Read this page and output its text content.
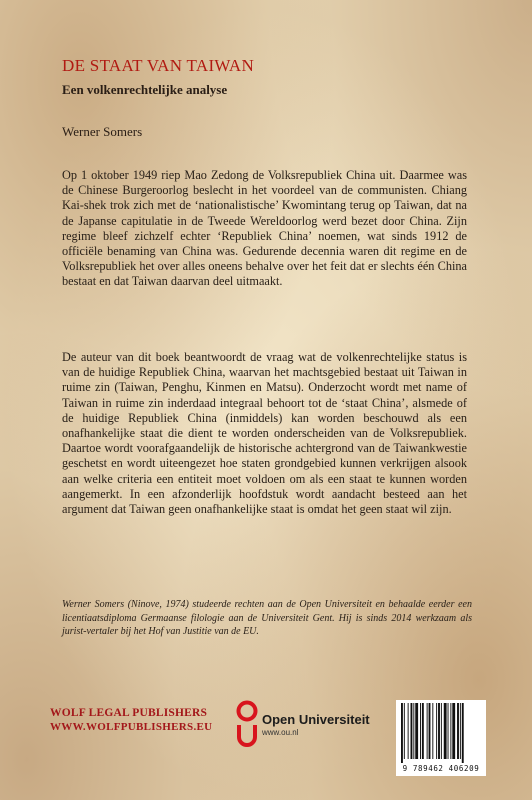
DE STAAT VAN TAIWAN
Een volkenrechtelijke analyse
Werner Somers

Op 1 oktober 1949 riep Mao Zedong de Volksrepubliek China uit. Daarmee was de Chinese Burgeroorlog beslecht in het voordeel van de communisten. Chiang Kai-shek trok zich met de ‘nationalistische’ Kwomintang terug op Taiwan, dat na de Japanse capitulatie in de Tweede Wereldoorlog werd bezet door China. Zijn regime bleef zichzelf echter ‘Republiek China’ noemen, wat sinds 1912 de officiële benaming van China was. Gedurende decennia waren dit regime en de Volksrepubliek het over alles oneens behalve over het feit dat er slechts één China bestaat en dat Taiwan daarvan deel uitmaakt.

De auteur van dit boek beantwoordt de vraag wat de volkenrechtelijke status is van de huidige Republiek China, waarvan het machtsgebied bestaat uit Taiwan in ruime zin (Taiwan, Penghu, Kinmen en Matsu). Onderzocht wordt met name of Taiwan in ruime zin inderdaad integraal behoort tot de ‘staat China’, alsmede of de huidige Republiek China (inmiddels) kan worden beschouwd als een onafhankelijke staat die dient te worden onderscheiden van de Volksrepubliek. Daartoe wordt voorafgaandelijk de historische achtergrond van de Taiwankwestie geschetst en wordt uiteengezet hoe staten grondgebied kunnen verkrijgen alsook aan welke criteria een entiteit moet voldoen om als een staat te kunnen worden aangemerkt. In een afzonderlijk hoofdstuk wordt aandacht besteed aan het argument dat Taiwan geen onafhankelijke staat is omdat het geen staat wil zijn.

Werner Somers (Ninove, 1974) studeerde rechten aan de Open Universiteit en behaalde eerder een licentiaatsdiploma Germaanse filologie aan de Universiteit Gent. Hij is sinds 2014 werkzaam als jurist-vertaler bij het Hof van Justitie van de EU.

WOLF LEGAL PUBLISHERS
WWW.WOLFPUBLISHERS.EU	Open Universiteit
www.ou.nl
9 789462 406209
